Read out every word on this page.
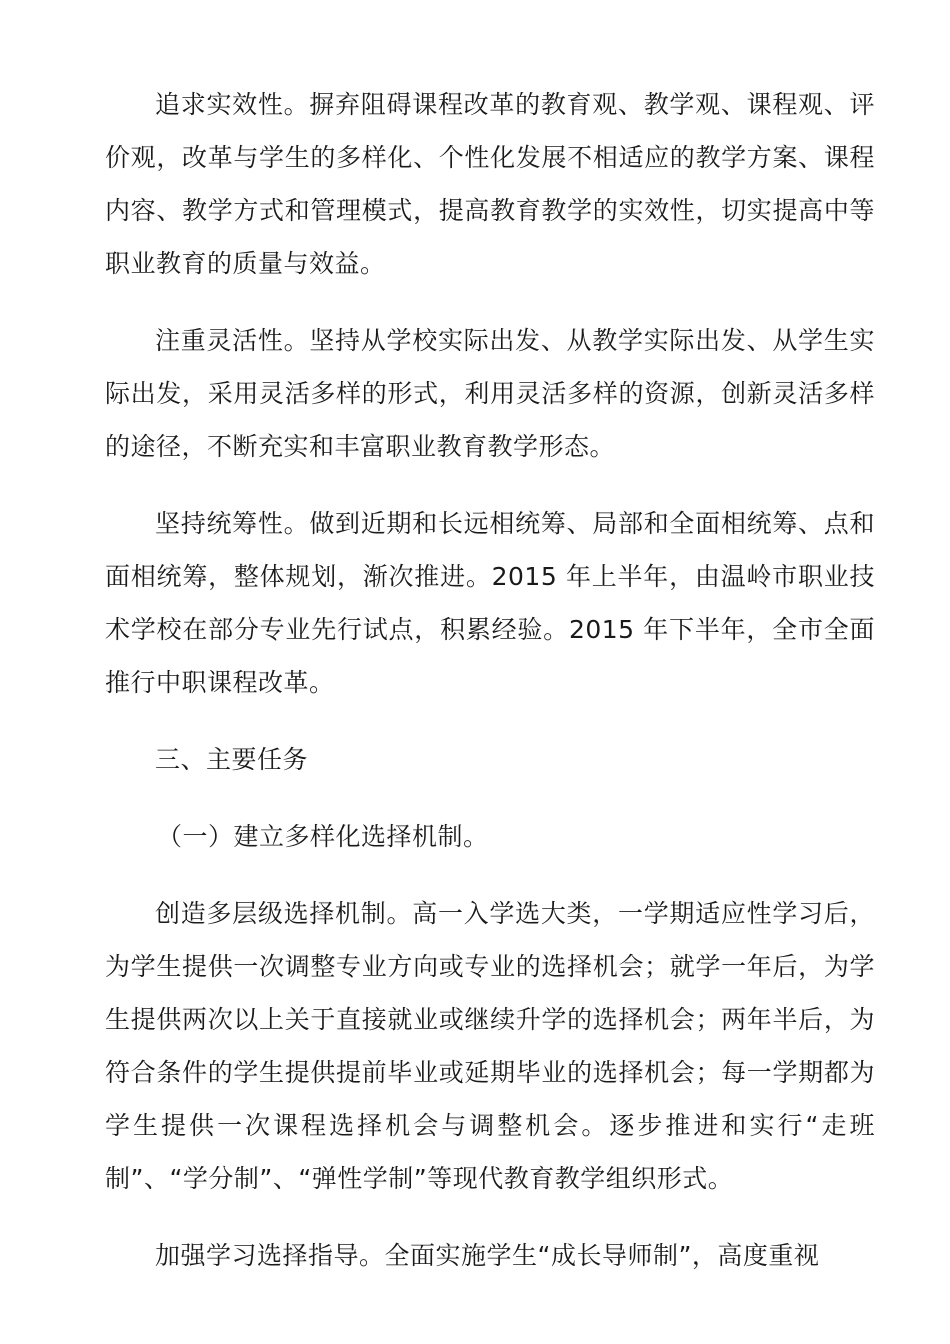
追求实效性。摒弃阻碍课程改革的教育观、教学观、课程观、评价观，改革与学生的多样化、个性化发展不相适应的教学方案、课程内容、教学方式和管理模式，提高教育教学的实效性，切实提高中等职业教育的质量与效益。

注重灵活性。坚持从学校实际出发、从教学实际出发、从学生实际出发，采用灵活多样的形式，利用灵活多样的资源，创新灵活多样的途径，不断充实和丰富职业教育教学形态。

坚持统筹性。做到近期和长远相统筹、局部和全面相统筹、点和面相统筹，整体规划，渐次推进。2015 年上半年，由温岭市职业技术学校在部分专业先行试点，积累经验。2015 年下半年，全市全面推行中职课程改革。

三、主要任务

（一）建立多样化选择机制。

创造多层级选择机制。高一入学选大类，一学期适应性学习后，为学生提供一次调整专业方向或专业的选择机会；就学一年后，为学生提供两次以上关于直接就业或继续升学的选择机会；两年半后，为符合条件的学生提供提前毕业或延期毕业的选择机会；每一学期都为学生提供一次课程选择机会与调整机会。逐步推进和实行“走班制”、“学分制”、“弹性学制”等现代教育教学组织形式。

加强学习选择指导。全面实施学生“成长导师制”，高度重视
